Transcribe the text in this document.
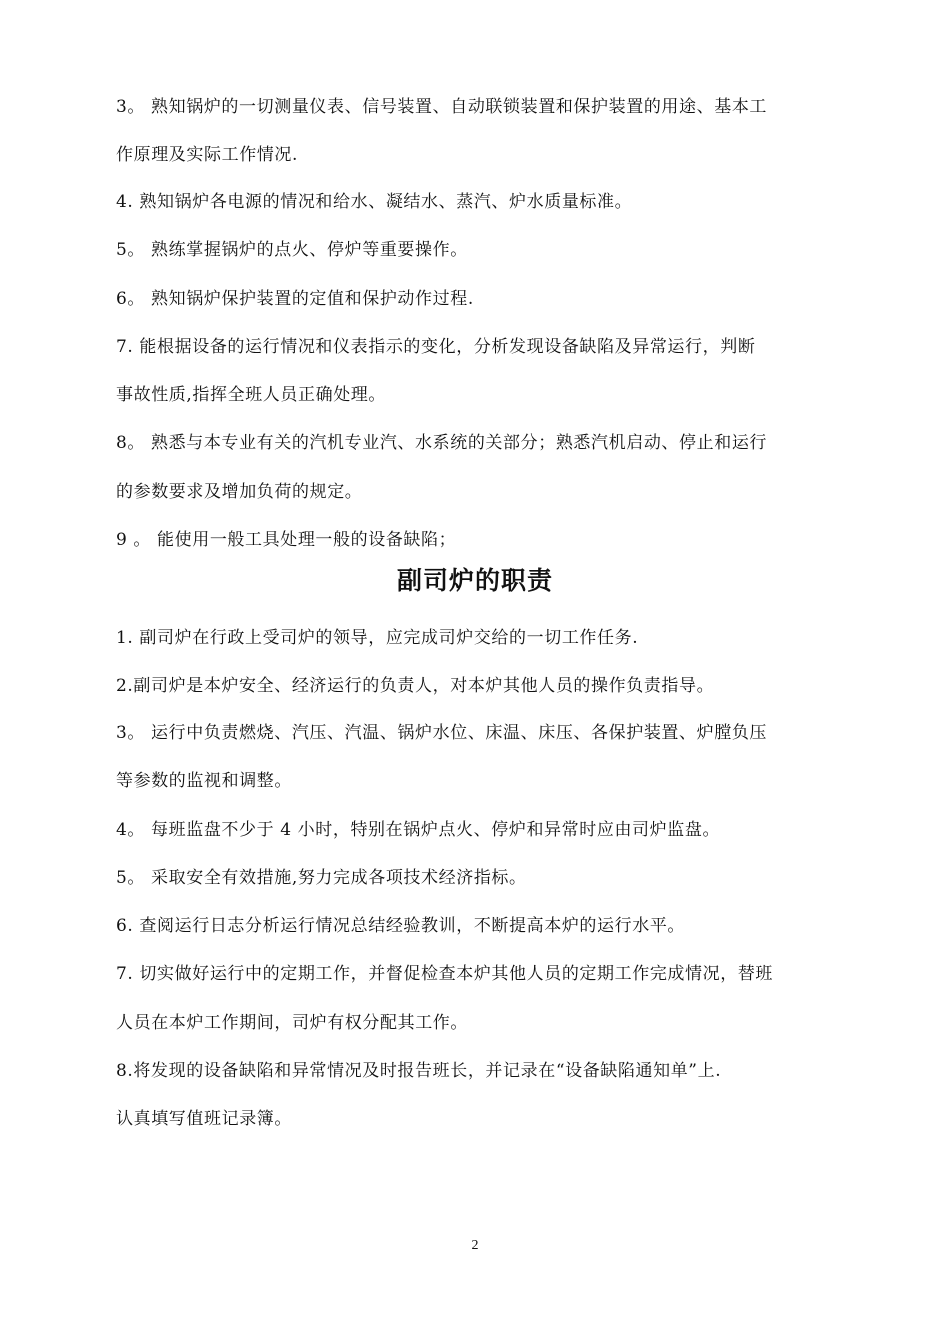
3。 熟知锅炉的一切测量仪表、信号装置、自动联锁装置和保护装置的用途、基本工
作原理及实际工作情况.
4. 熟知锅炉各电源的情况和给水、凝结水、蒸汽、炉水质量标准。
5。 熟练掌握锅炉的点火、停炉等重要操作。
6。 熟知锅炉保护装置的定值和保护动作过程.
7. 能根据设备的运行情况和仪表指示的变化，分析发现设备缺陷及异常运行，判断
事故性质,指挥全班人员正确处理。
8。 熟悉与本专业有关的汽机专业汽、水系统的关部分；熟悉汽机启动、停止和运行
的参数要求及增加负荷的规定。
9 。 能使用一般工具处理一般的设备缺陷；
副司炉的职责
1. 副司炉在行政上受司炉的领导，应完成司炉交给的一切工作任务.
2.副司炉是本炉安全、经济运行的负责人，对本炉其他人员的操作负责指导。
3。 运行中负责燃烧、汽压、汽温、锅炉水位、床温、床压、各保护装置、炉膛负压
等参数的监视和调整。
4。 每班监盘不少于 4 小时，特别在锅炉点火、停炉和异常时应由司炉监盘。
5。 采取安全有效措施,努力完成各项技术经济指标。
6. 查阅运行日志分析运行情况总结经验教训，不断提高本炉的运行水平。
7. 切实做好运行中的定期工作，并督促检查本炉其他人员的定期工作完成情况，替班
人员在本炉工作期间，司炉有权分配其工作。
8.将发现的设备缺陷和异常情况及时报告班长，并记录在“设备缺陷通知单”上.
认真填写值班记录簿。
2
